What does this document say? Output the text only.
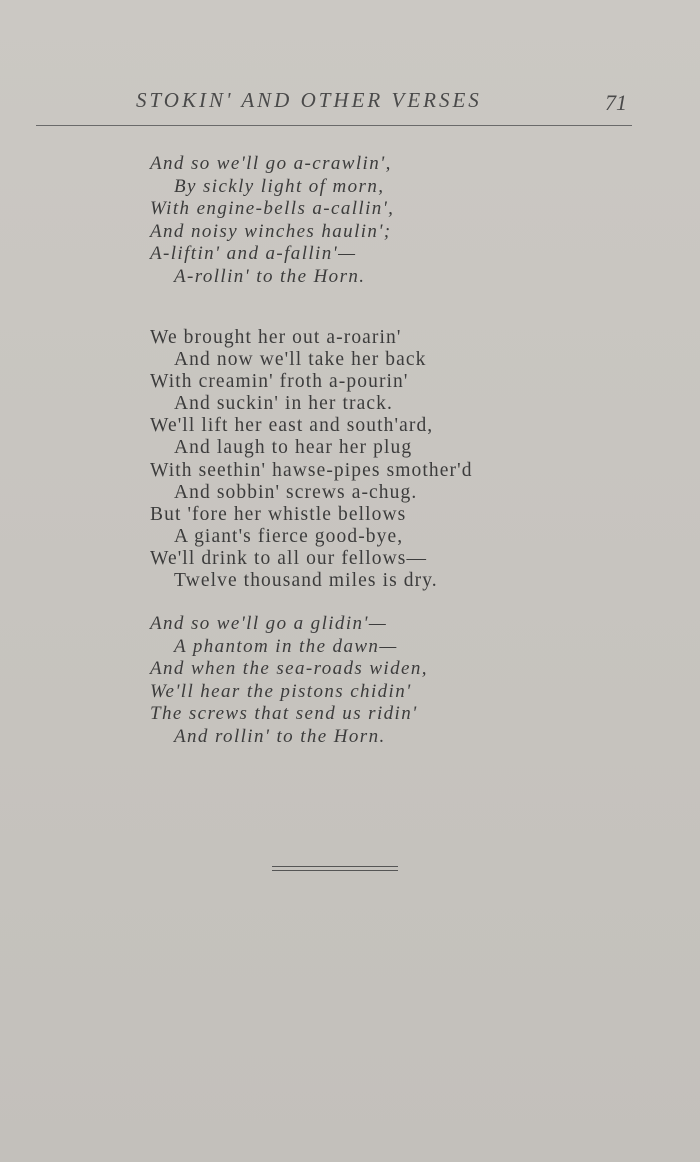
STOKIN' AND OTHER VERSES	71
And so we'll go a-crawlin',
By sickly light of morn,
With engine-bells a-callin',
And noisy winches haulin';
A-liftin' and a-fallin'—
A-rollin' to the Horn.
We brought her out a-roarin'
And now we'll take her back
With creamin' froth a-pourin'
And suckin' in her track.
We'll lift her east and south'ard,
And laugh to hear her plug
With seethin' hawse-pipes smother'd
And sobbin' screws a-chug.
But 'fore her whistle bellows
A giant's fierce good-bye,
We'll drink to all our fellows—
Twelve thousand miles is dry.
And so we'll go a glidin'—
A phantom in the dawn—
And when the sea-roads widen,
We'll hear the pistons chidin'
The screws that send us ridin'
And rollin' to the Horn.
